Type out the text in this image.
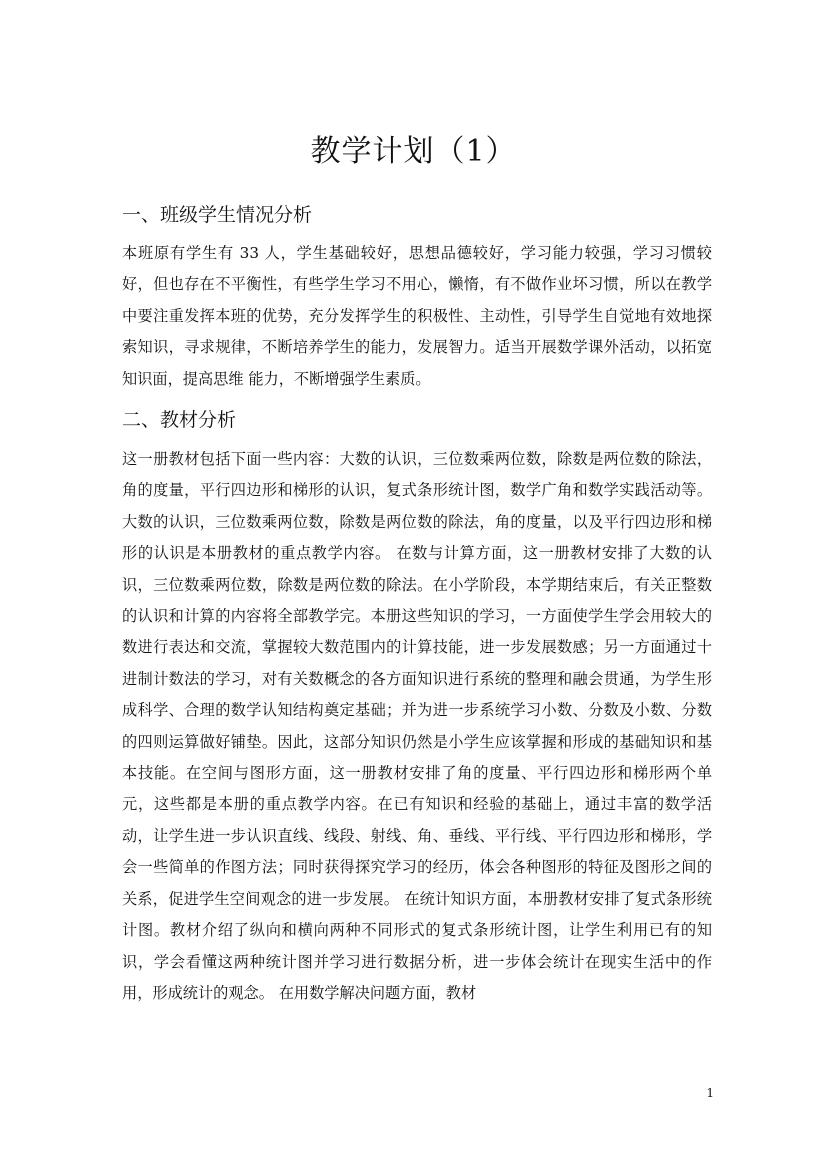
教学计划（1）
一、班级学生情况分析

本班原有学生有 33 人，学生基础较好，思想品德较好，学习能力较强，学习习惯较好，但也存在不平衡性，有些学生学习不用心，懒惰，有不做作业坏习惯，所以在教学中要注重发挥本班的优势，充分发挥学生的积极性、主动性，引导学生自觉地有效地探索知识，寻求规律，不断培养学生的能力，发展智力。适当开展数学课外活动，以拓宽知识面，提高思维 能力，不断增强学生素质。

二、教材分析

这一册教材包括下面一些内容：大数的认识，三位数乘两位数，除数是两位数的除法，角的度量，平行四边形和梯形的认识，复式条形统计图，数学广角和数学实践活动等。大数的认识，三位数乘两位数，除数是两位数的除法，角的度量，以及平行四边形和梯形的认识是本册教材的重点教学内容。 在数与计算方面，这一册教材安排了大数的认识，三位数乘两位数，除数是两位数的除法。在小学阶段，本学期结束后，有关正整数的认识和计算的内容将全部教学完。本册这些知识的学习，一方面使学生学会用较大的数进行表达和交流，掌握较大数范围内的计算技能，进一步发展数感；另一方面通过十进制计数法的学习，对有关数概念的各方面知识进行系统的整理和融会贯通，为学生形成科学、合理的数学认知结构奠定基础；并为进一步系统学习小数、分数及小数、分数的四则运算做好铺垫。因此，这部分知识仍然是小学生应该掌握和形成的基础知识和基本技能。在空间与图形方面，这一册教材安排了角的度量、平行四边形和梯形两个单元，这些都是本册的重点教学内容。在已有知识和经验的基础上，通过丰富的数学活动，让学生进一步认识直线、线段、射线、角、垂线、平行线、平行四边形和梯形，学会一些简单的作图方法；同时获得探究学习的经历，体会各种图形的特征及图形之间的关系，促进学生空间观念的进一步发展。 在统计知识方面，本册教材安排了复式条形统计图。教材介绍了纵向和横向两种不同形式的复式条形统计图，让学生利用已有的知识，学会看懂这两种统计图并学习进行数据分析，进一步体会统计在现实生活中的作用，形成统计的观念。 在用数学解决问题方面，教材

1
